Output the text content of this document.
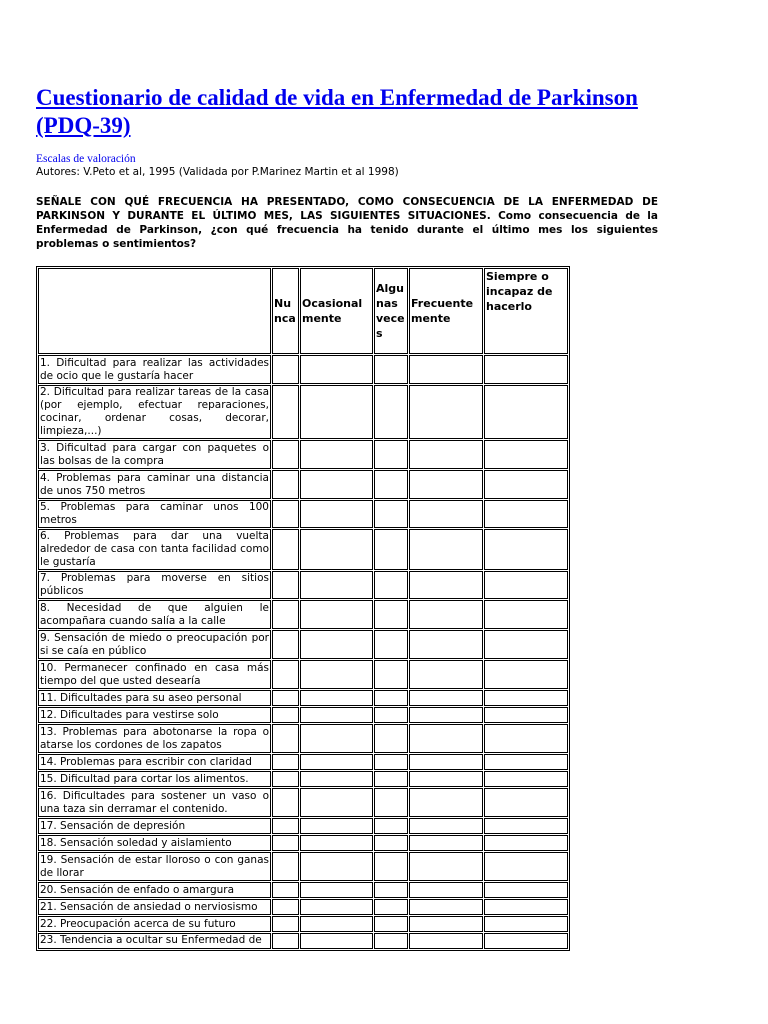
Cuestionario de calidad de vida en Enfermedad de Parkinson (PDQ-39)
Escalas de valoración
Autores: V.Peto et al, 1995 (Validada por P.Marinez Martin et al 1998)

SEÑALE CON QUÉ FRECUENCIA HA PRESENTADO, COMO CONSECUENCIA DE LA ENFERMEDAD DE PARKINSON Y DURANTE EL ÚLTIMO MES, LAS SIGUIENTES SITUACIONES. Como consecuencia de la Enfermedad de Parkinson, ¿con qué frecuencia ha tenido durante el último mes los siguientes problemas o sentimientos?

	Nunca	Ocasionalmente	Algunas veces	Frecuentemente	Siempre o incapaz de hacerlo
1. Dificultad para realizar las actividades de ocio que le gustaría hacer					
2. Dificultad para realizar tareas de la casa (por ejemplo, efectuar reparaciones, cocinar, ordenar cosas, decorar, limpieza,...)					
3. Dificultad para cargar con paquetes o las bolsas de la compra					
4. Problemas para caminar una distancia de unos 750 metros					
5. Problemas para caminar unos 100 metros					
6. Problemas para dar una vuelta alrededor de casa con tanta facilidad como le gustaría					
7. Problemas para moverse en sitios públicos					
8. Necesidad de que alguien le acompañara cuando salía a la calle					
9. Sensación de miedo o preocupación por si se caía en público					
10. Permanecer confinado en casa más tiempo del que usted desearía					
11. Dificultades para su aseo personal					
12. Dificultades para vestirse solo					
13. Problemas para abotonarse la ropa o atarse los cordones de los zapatos					
14. Problemas para escribir con claridad					
15. Dificultad para cortar los alimentos.					
16. Dificultades para sostener un vaso o una taza sin derramar el contenido.					
17. Sensación de depresión					
18. Sensación soledad y aislamiento					
19. Sensación de estar lloroso o con ganas de llorar					
20. Sensación de enfado o amargura					
21. Sensación de ansiedad o nerviosismo					
22. Preocupación acerca de su futuro					
23. Tendencia a ocultar su Enfermedad de					
